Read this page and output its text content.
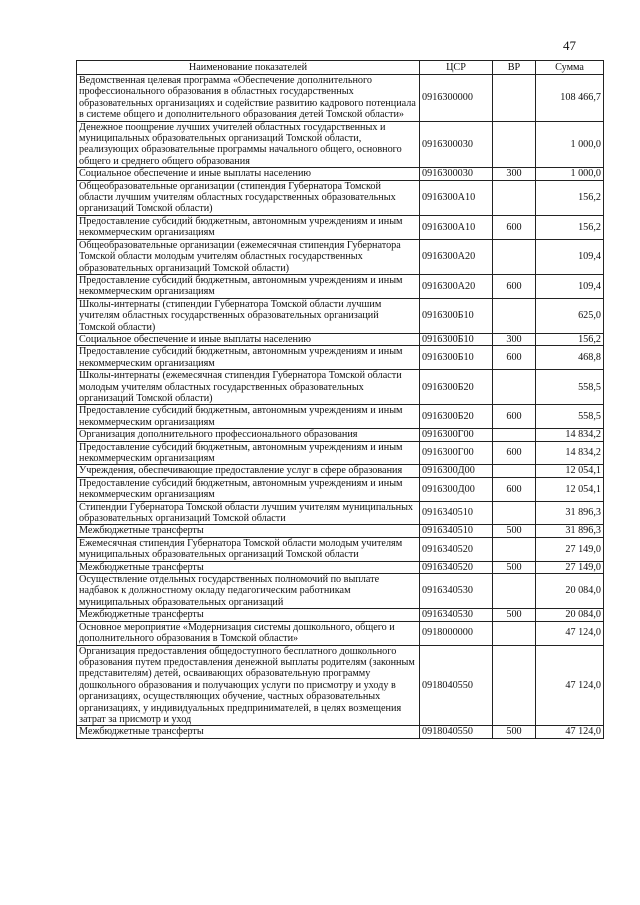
47
Наименование показателей	ЦСР	ВР	Сумма
Ведомственная целевая программа «Обеспечение дополнительного профессионального образования в областных государственных образовательных организациях и содействие развитию кадрового потенциала в системе общего и дополнительного образования детей Томской области»	0916300000		108 466,7
Денежное поощрение лучших учителей областных государственных и муниципальных образовательных организаций Томской области, реализующих образовательные программы начального общего, основного общего и среднего общего образования	0916300030		1 000,0
Социальное обеспечение и иные выплаты населению	0916300030	300	1 000,0
Общеобразовательные организации (стипендия Губернатора Томской области лучшим учителям областных государственных образовательных организаций Томской области)	0916300А10		156,2
Предоставление субсидий бюджетным, автономным учреждениям и иным некоммерческим организациям	0916300А10	600	156,2
Общеобразовательные организации (ежемесячная стипендия Губернатора Томской области молодым учителям областных государственных образовательных организаций Томской области)	0916300А20		109,4
Предоставление субсидий бюджетным, автономным учреждениям и иным некоммерческим организациям	0916300А20	600	109,4
Школы-интернаты (стипендии Губернатора Томской области лучшим учителям областных государственных образовательных организаций Томской области)	0916300Б10		625,0
Социальное обеспечение и иные выплаты населению	0916300Б10	300	156,2
Предоставление субсидий бюджетным, автономным учреждениям и иным некоммерческим организациям	0916300Б10	600	468,8
Школы-интернаты (ежемесячная стипендия Губернатора Томской области молодым учителям областных государственных образовательных организаций Томской области)	0916300Б20		558,5
Предоставление субсидий бюджетным, автономным учреждениям и иным некоммерческим организациям	0916300Б20	600	558,5
Организация дополнительного профессионального образования	0916300Г00		14 834,2
Предоставление субсидий бюджетным, автономным учреждениям и иным некоммерческим организациям	0916300Г00	600	14 834,2
Учреждения, обеспечивающие предоставление услуг в сфере образования	0916300Д00		12 054,1
Предоставление субсидий бюджетным, автономным учреждениям и иным некоммерческим организациям	0916300Д00	600	12 054,1
Стипендии Губернатора Томской области лучшим учителям муниципальных образовательных организаций Томской области	0916340510		31 896,3
Межбюджетные трансферты	0916340510	500	31 896,3
Ежемесячная стипендия Губернатора Томской области молодым учителям муниципальных образовательных организаций Томской области	0916340520		27 149,0
Межбюджетные трансферты	0916340520	500	27 149,0
Осуществление отдельных государственных полномочий по выплате надбавок к должностному окладу педагогическим работникам муниципальных образовательных организаций	0916340530		20 084,0
Межбюджетные трансферты	0916340530	500	20 084,0
Основное мероприятие «Модернизация системы дошкольного, общего и дополнительного образования в Томской области»	0918000000		47 124,0
Организация предоставления общедоступного бесплатного дошкольного образования путем предоставления денежной выплаты родителям (законным представителям) детей, осваивающих образовательную программу дошкольного образования и получающих услуги по присмотру и уходу в организациях, осуществляющих обучение, частных образовательных организациях, у индивидуальных предпринимателей, в целях возмещения затрат за присмотр и уход	0918040550		47 124,0
Межбюджетные трансферты	0918040550	500	47 124,0
